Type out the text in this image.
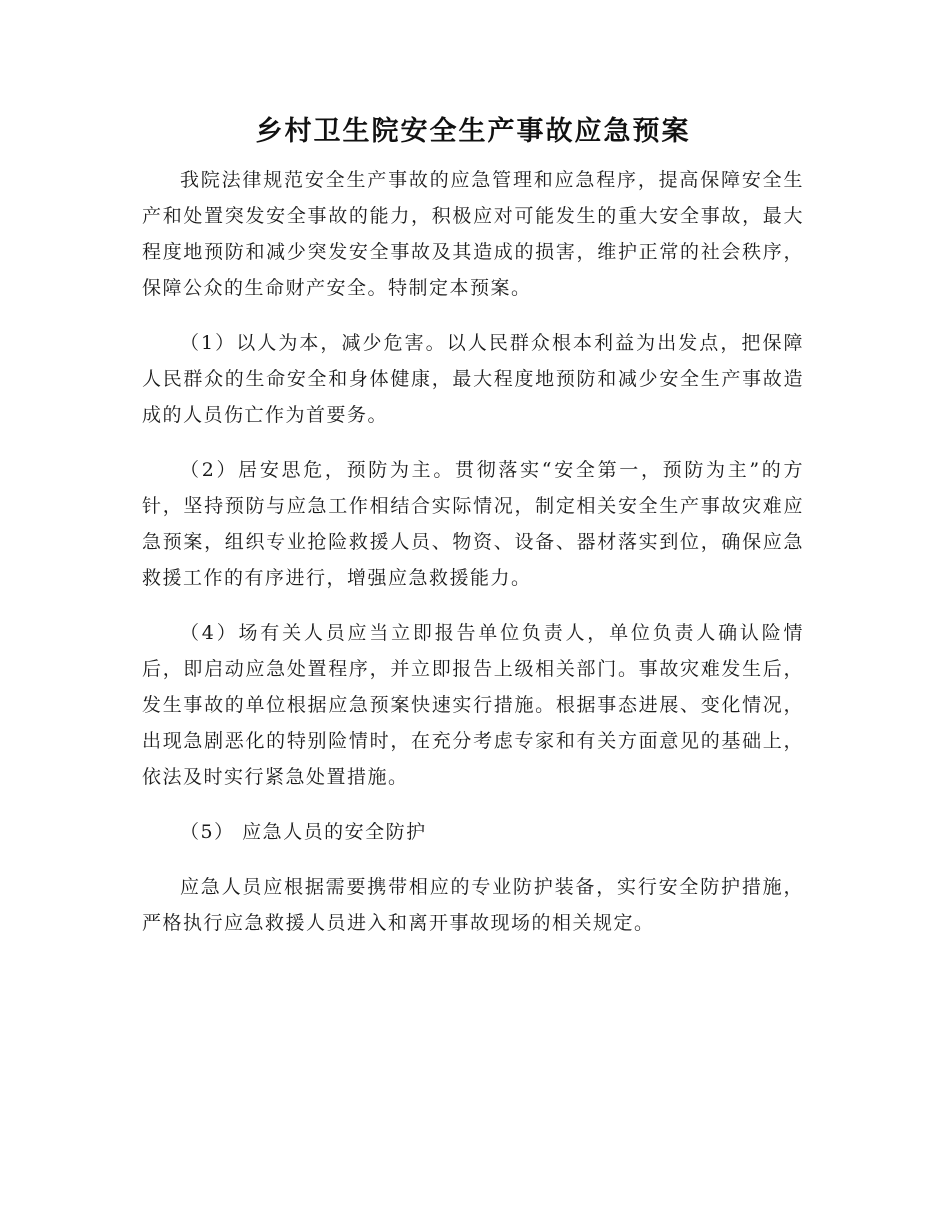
乡村卫生院安全生产事故应急预案

我院法律规范安全生产事故的应急管理和应急程序，提高保障安全生产和处置突发安全事故的能力，积极应对可能发生的重大安全事故，最大程度地预防和减少突发安全事故及其造成的损害，维护正常的社会秩序，保障公众的生命财产安全。特制定本预案。

（1）以人为本，减少危害。以人民群众根本利益为出发点，把保障人民群众的生命安全和身体健康，最大程度地预防和减少安全生产事故造成的人员伤亡作为首要务。

（2）居安思危，预防为主。贯彻落实“安全第一，预防为主”的方针，坚持预防与应急工作相结合实际情况，制定相关安全生产事故灾难应急预案，组织专业抢险救援人员、物资、设备、器材落实到位，确保应急救援工作的有序进行，增强应急救援能力。

（4）场有关人员应当立即报告单位负责人，单位负责人确认险情后，即启动应急处置程序，并立即报告上级相关部门。事故灾难发生后，发生事故的单位根据应急预案快速实行措施。根据事态进展、变化情况，出现急剧恶化的特别险情时，在充分考虑专家和有关方面意见的基础上，依法及时实行紧急处置措施。

（5） 应急人员的安全防护

应急人员应根据需要携带相应的专业防护装备，实行安全防护措施，严格执行应急救援人员进入和离开事故现场的相关规定。
